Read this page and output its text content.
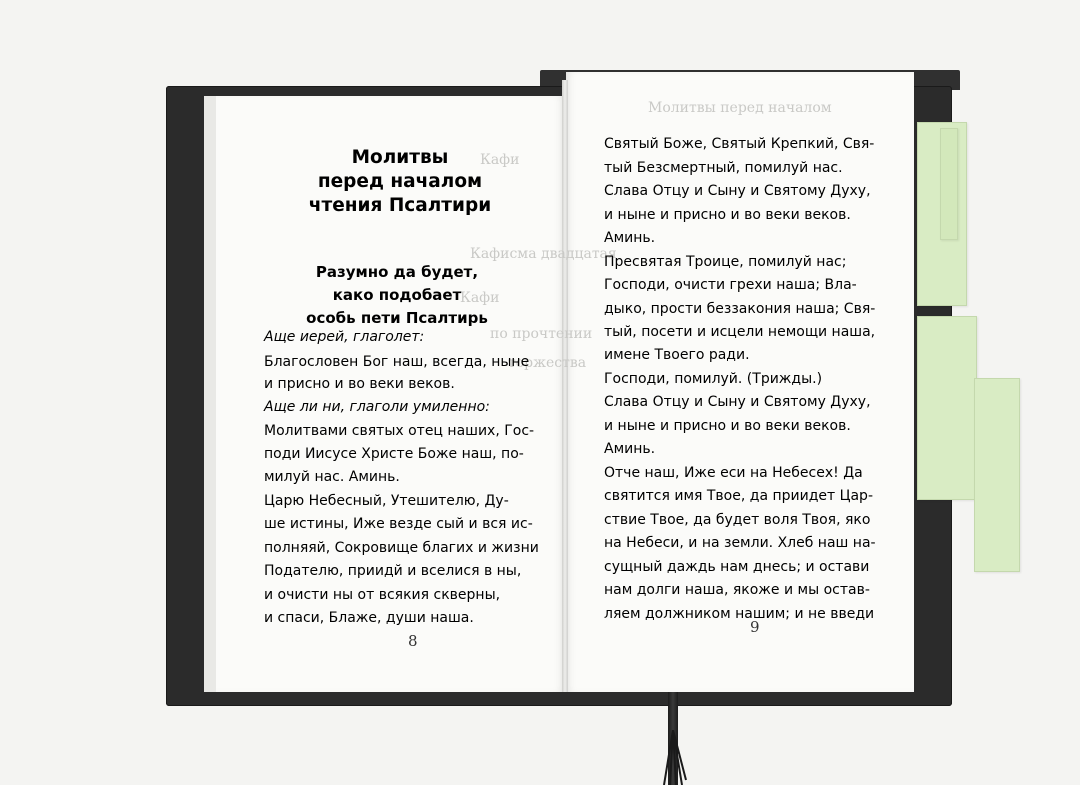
Молитвы перед началом
Кафи
Кафисма двадцатая
Кафи
по прочтении
торжества
Молитвы
перед началом
чтения Псалтири
Разумно да будет,
како подобает
особь пети Псалтирь
Аще иерей, глаголет:
Благословен Бог наш, всегда, ныне
и присно и во веки веков.
Аще ли ни, глаголи умиленно:
Молитвами святых отец наших, Гос-
поди Иисусе Христе Боже наш, по-
милуй нас. Аминь.
Царю Небесный, Утешителю, Ду-
ше истины, Иже везде сый и вся ис-
полняяй, Сокровище благих и жизни
Подателю, приидй и вселися в ны,
и очисти ны от всякия скверны,
и спаси, Блаже, души наша.
8
Святый Боже, Святый Крепкий, Свя-
тый Безсмертный, помилуй нас.
Слава Отцу и Сыну и Святому Духу,
и ныне и присно и во веки веков.
Аминь.
Пресвятая Троице, помилуй нас;
Господи, очисти грехи наша; Вла-
дыко, прости беззакония наша; Свя-
тый, посети и исцели немощи наша,
имене Твоего ради.
Господи, помилуй. (Трижды.)
Слава Отцу и Сыну и Святому Духу,
и ныне и присно и во веки веков.
Аминь.
Отче наш, Иже еси на Небесех! Да
святится имя Твое, да приидет Цар-
ствие Твое, да будет воля Твоя, яко
на Небеси, и на земли. Хлеб наш на-
сущный даждь нам днесь; и остави
нам долги наша, якоже и мы остав-
ляем должником нашим; и не введи
9
